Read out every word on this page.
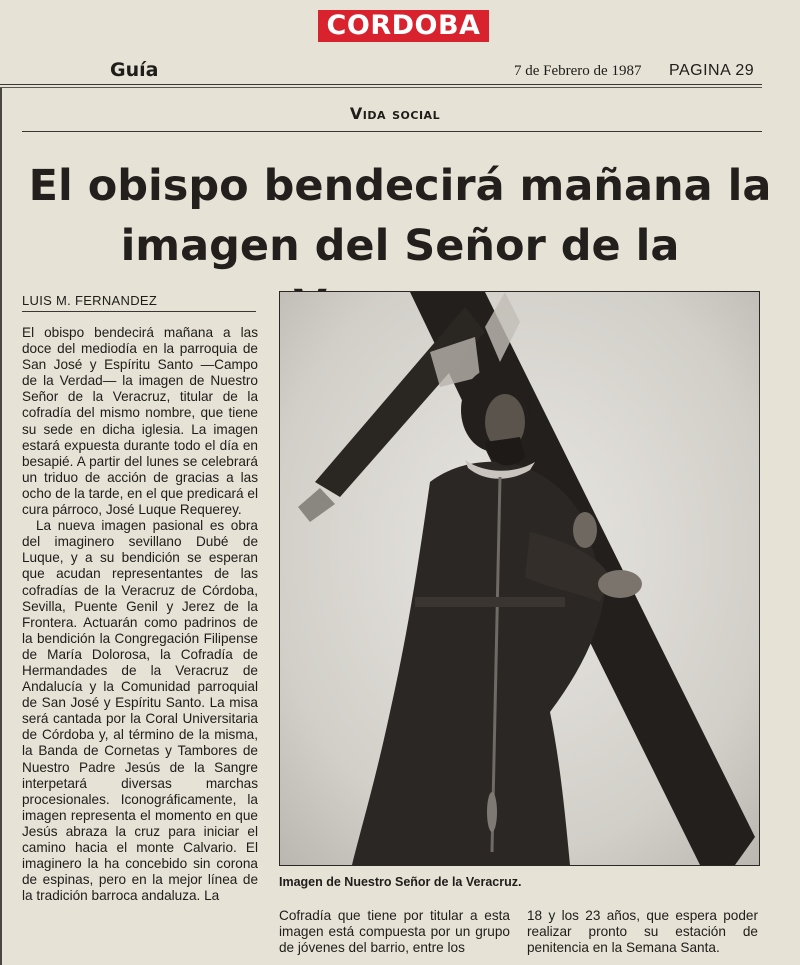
CORDOBA
Guía	7 de Febrero de 1987 PAGINA 29
Vida social
El obispo bendecirá mañana la imagen del Señor de la
LUIS M. FERNANDEZ

El obispo bendecirá mañana a las doce del mediodía en la parroquia de San José y Espíritu Santo —Campo de la Verdad— la imagen de Nuestro Señor de la Veracruz, titular de la cofradía del mismo nombre, que tiene su sede en dicha iglesia. La imagen estará expuesta durante todo el día en besapié. A partir del lunes se celebrará un triduo de acción de gracias a las ocho de la tarde, en el que predicará el cura párroco, José Luque Requerey.

La nueva imagen pasional es obra del imaginero sevillano Dubé de Luque, y a su bendición se esperan que acudan representantes de las cofradías de la Veracruz de Córdoba, Sevilla, Puente Genil y Jerez de la Frontera. Actuarán como padrinos de la bendición la Congregación Filipense de María Dolorosa, la Cofradía de Hermandades de la Veracruz de Andalucía y la Comunidad parroquial de San José y Espíritu Santo. La misa será cantada por la Coral Universitaria de Córdoba y, al término de la misma, la Banda de Cornetas y Tambores de Nuestro Padre Jesús de la Sangre interpetará diversas marchas procesionales. Iconográficamente, la imagen representa el momento en que Jesús abraza la cruz para iniciar el camino hacia el monte Calvario. El imaginero la ha concebido sin corona de espinas, pero en la mejor línea de la tradición barroca andaluza. La

Imagen de Nuestro Señor de la Veracruz.
Cofradía que tiene por titular a esta imagen está compuesta por un grupo de jóvenes del barrio, entre los
18 y los 23 años, que espera poder realizar pronto su estación de penitencia en la Semana Santa.
